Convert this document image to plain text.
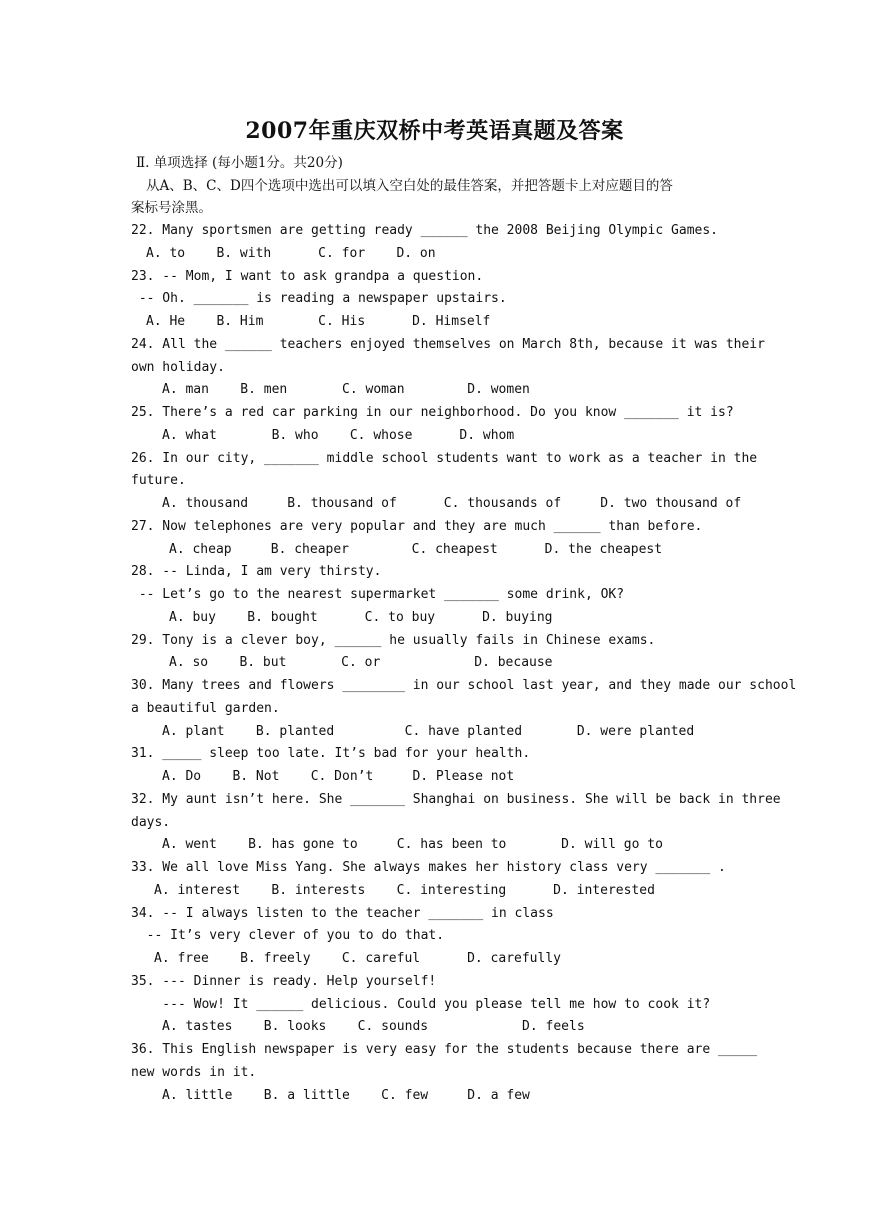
2007年重庆双桥中考英语真题及答案
Ⅱ. 单项选择 (每小题1分。共20分)
从A、B、C、D四个选项中选出可以填入空白处的最佳答案，并把答题卡上对应题目的答
案标号涂黑。
22. Many sportsmen are getting ready ______ the 2008 Beijing Olympic Games.
A. to    B. with      C. for    D. on
23. -- Mom, I want to ask grandpa a question.
-- Oh. _______ is reading a newspaper upstairs.
A. He    B. Him       C. His      D. Himself
24. All the ______ teachers enjoyed themselves on March 8th, because it was their
own holiday.
A. man    B. men       C. woman        D. women
25. There’s a red car parking in our neighborhood. Do you know _______ it is?
A. what       B. who    C. whose      D. whom
26. In our city, _______ middle school students want to work as a teacher in the
future.
A. thousand     B. thousand of      C. thousands of     D. two thousand of
27. Now telephones are very popular and they are much ______ than before.
A. cheap     B. cheaper        C. cheapest      D. the cheapest
28. -- Linda, I am very thirsty.
-- Let’s go to the nearest supermarket _______ some drink, OK?
A. buy    B. bought      C. to buy      D. buying
29. Tony is a clever boy, ______ he usually fails in Chinese exams.
A. so    B. but       C. or            D. because
30. Many trees and flowers ________ in our school last year, and they made our school
a beautiful garden.
A. plant    B. planted         C. have planted       D. were planted
31. _____ sleep too late. It’s bad for your health.
A. Do    B. Not    C. Don’t     D. Please not
32. My aunt isn’t here. She _______ Shanghai on business. She will be back in three
days.
A. went    B. has gone to     C. has been to       D. will go to
33. We all love Miss Yang. She always makes her history class very _______ .
A. interest    B. interests    C. interesting      D. interested
34. -- I always listen to the teacher _______ in class
-- It’s very clever of you to do that.
A. free    B. freely    C. careful      D. carefully
35. --- Dinner is ready. Help yourself!
--- Wow! It ______ delicious. Could you please tell me how to cook it?
A. tastes    B. looks    C. sounds            D. feels
36. This English newspaper is very easy for the students because there are _____
new words in it.
A. little    B. a little    C. few     D. a few
